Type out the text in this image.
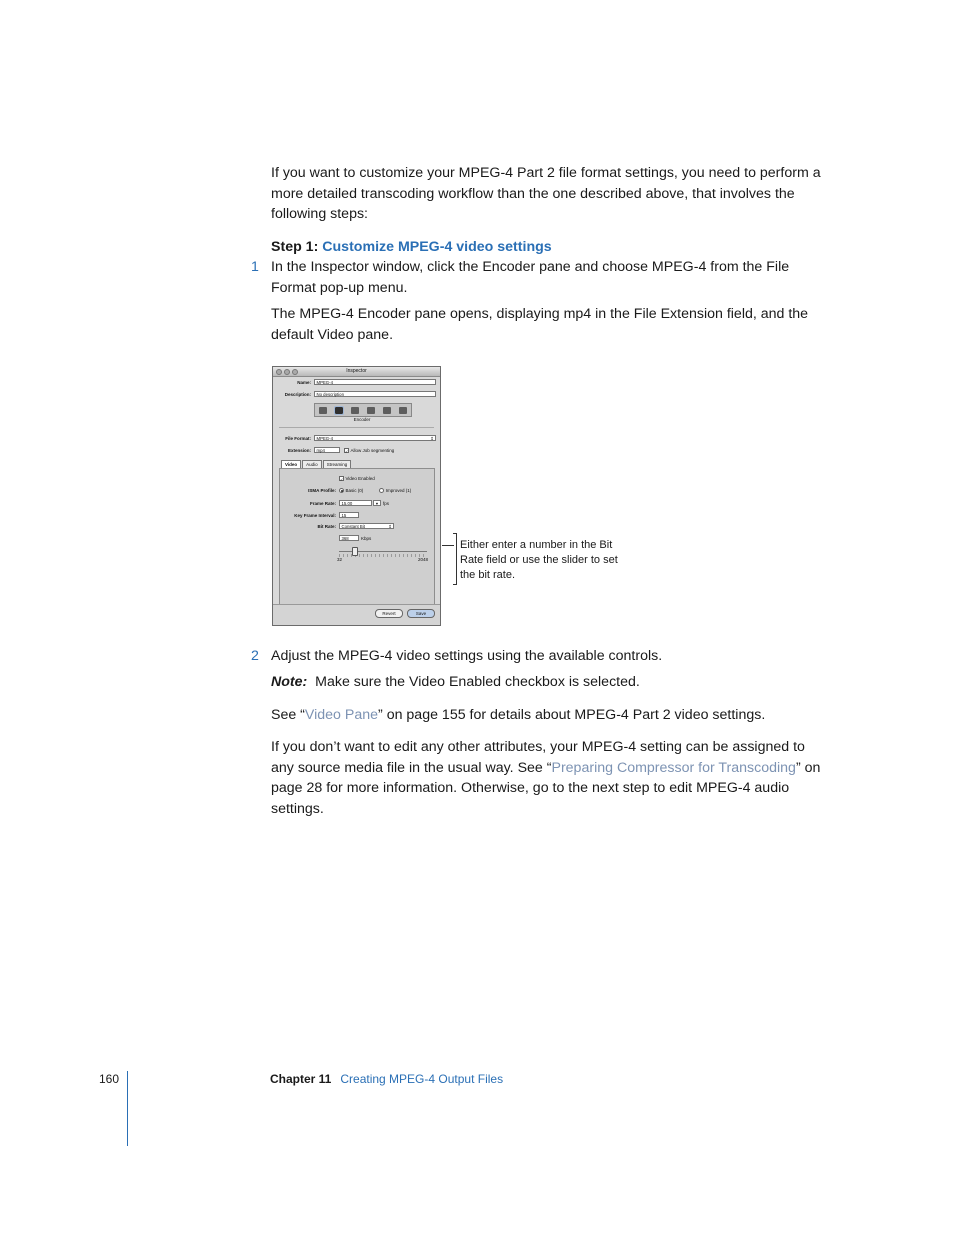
If you want to customize your MPEG-4 Part 2 file format settings, you need to perform a more detailed transcoding workflow than the one described above, that involves the following steps:

Step 1: Customize MPEG-4 video settings
1 In the Inspector window, click the Encoder pane and choose MPEG-4 from the File Format pop-up menu.

The MPEG-4 Encoder pane opens, displaying mp4 in the File Extension field, and the default Video pane.

Inspector
Name:	MPEG-4
Description:	No description
Encoder
File Format:	MPEG-4	⇕
Extension:	mp4	✓ Allow Job segmenting
Video	Audio	Streaming
✓ Video Enabled
ISMA Profile: Basic (0)	Improved (1)
Frame Rate:	15.00	▾	fps
Key Frame Interval:	15
Bit Rate:	Constant Bit	⇕
368	Kbps
32	2048
Revert	Save
Either enter a number in the Bit Rate field or use the slider to set the bit rate.
2 Adjust the MPEG-4 video settings using the available controls.

Note: Make sure the Video Enabled checkbox is selected.

See “Video Pane” on page 155 for details about MPEG-4 Part 2 video settings.

If you don’t want to edit any other attributes, your MPEG-4 setting can be assigned to any source media file in the usual way. See “Preparing Compressor for Transcoding” on page 28 for more information. Otherwise, go to the next step to edit MPEG-4 audio settings.

160	Chapter 11 Creating MPEG-4 Output Files
